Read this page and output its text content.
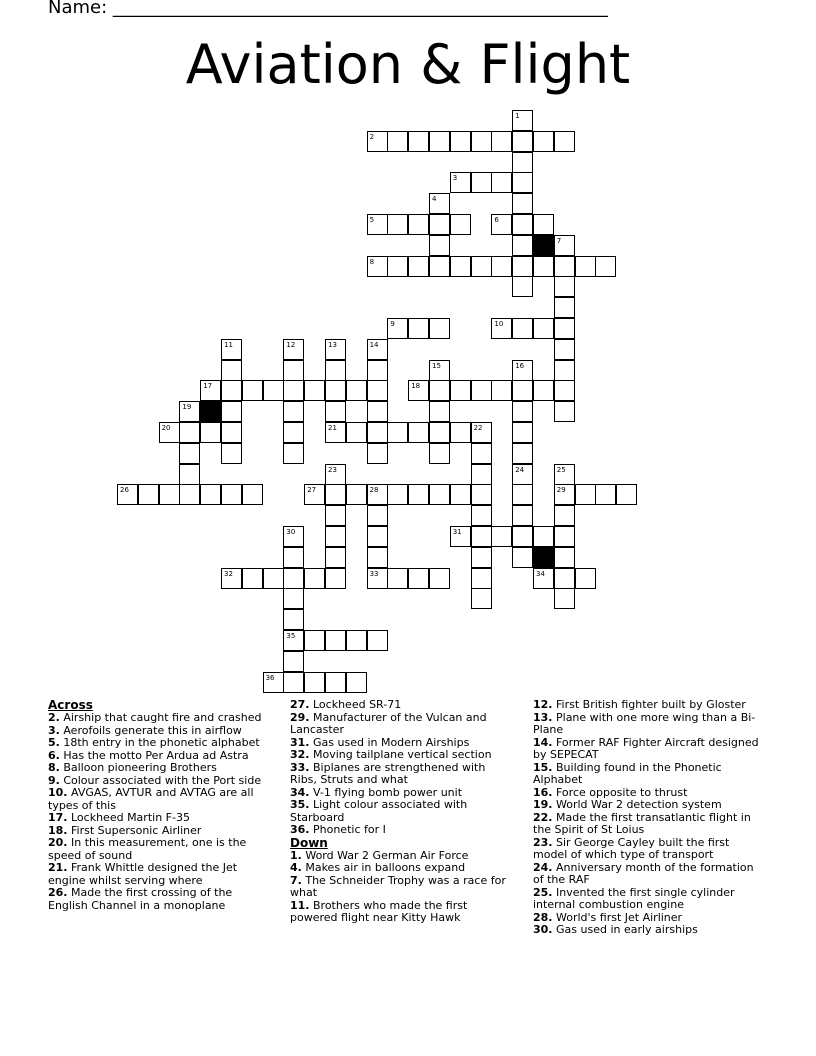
Name: _______________________________________________________
Aviation & Flight
1
2
3
4
5	6
7
8
9	10
11	12	13
21
14
15	16
17	18
19
20	22
23	24	25
29
26	27	28
33
30
35
31
32	34
36

Across

2. Airship that caught fire and crashed

3. Aerofoils generate this in airflow

5. 18th entry in the phonetic alphabet

6. Has the motto Per Ardua ad Astra

8. Balloon pioneering Brothers

9. Colour associated with the Port side

10. AVGAS, AVTUR and AVTAG are all types of this

17. Lockheed Martin F-35

18. First Supersonic Airliner

20. In this measurement, one is the speed of sound

21. Frank Whittle designed the Jet engine whilst serving where

26. Made the first crossing of the English Channel in a monoplane

27. Lockheed SR-71

29. Manufacturer of the Vulcan and Lancaster

31. Gas used in Modern Airships

32. Moving tailplane vertical section

33. Biplanes are strengthened with Ribs, Struts and what

34. V-1 flying bomb power unit

35. Light colour associated with Starboard

36. Phonetic for I

Down

1. Word War 2 German Air Force

4. Makes air in balloons expand

7. The Schneider Trophy was a race for what

11. Brothers who made the first powered flight near Kitty Hawk

12. First British fighter built by Gloster

13. Plane with one more wing than a Bi-Plane

14. Former RAF Fighter Aircraft designed by SEPECAT

15. Building found in the Phonetic Alphabet

16. Force opposite to thrust

19. World War 2 detection system

22. Made the first transatlantic flight in the Spirit of St Loius

23. Sir George Cayley built the first model of which type of transport

24. Anniversary month of the formation of the RAF

25. Invented the first single cylinder internal combustion engine

28. World's first Jet Airliner

30. Gas used in early airships
